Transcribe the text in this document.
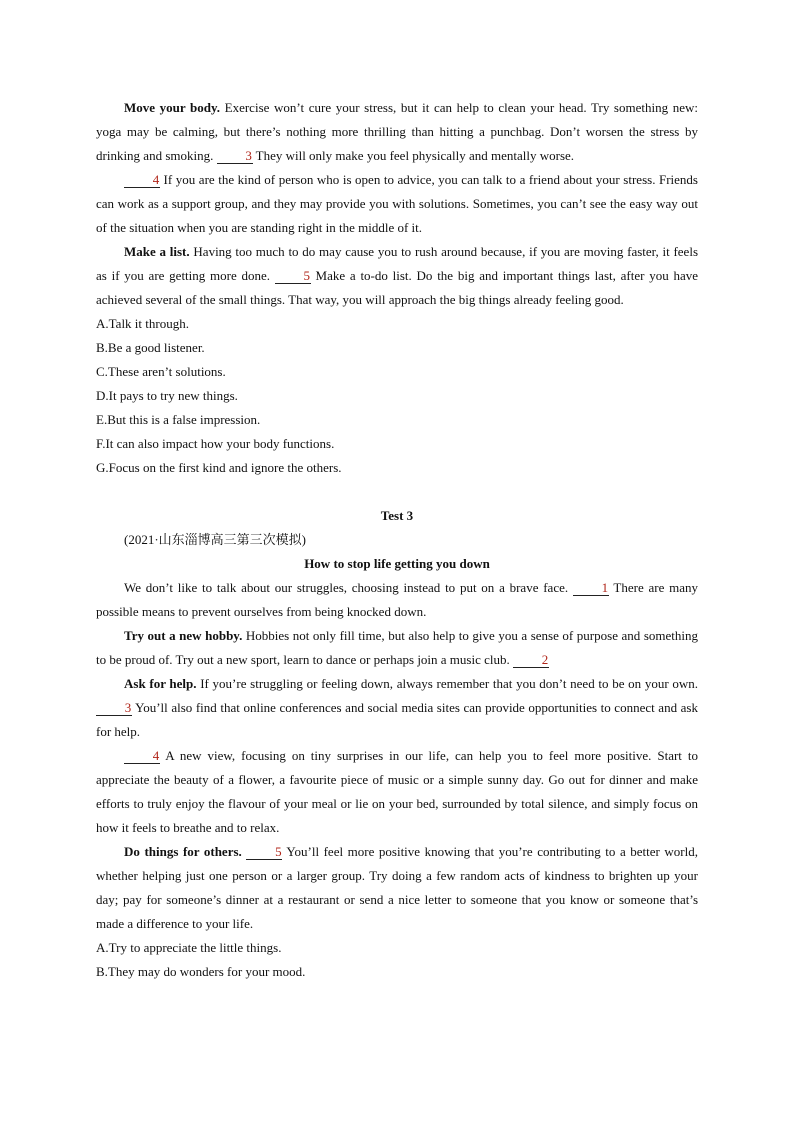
Move your body. Exercise won’t cure your stress, but it can help to clean your head. Try something new: yoga may be calming, but there’s nothing more thrilling than hitting a punchbag. Don’t worsen the stress by drinking and smoking. 3 They will only make you feel physically and mentally worse.

4 If you are the kind of person who is open to advice, you can talk to a friend about your stress. Friends can work as a support group, and they may provide you with solutions. Sometimes, you can’t see the easy way out of the situation when you are standing right in the middle of it.

Make a list. Having too much to do may cause you to rush around because, if you are moving faster, it feels as if you are getting more done. 5 Make a to-do list. Do the big and important things last, after you have achieved several of the small things. That way, you will approach the big things already feeling good.

A.Talk it through.

B.Be a good listener.

C.These aren’t solutions.

D.It pays to try new things.

E.But this is a false impression.

F.It can also impact how your body functions.

G.Focus on the first kind and ignore the others.

Test 3

(2021·山东淄博高三第三次模拟)

How to stop life getting you down

We don’t like to talk about our struggles, choosing instead to put on a brave face. 1 There are many possible means to prevent ourselves from being knocked down.

Try out a new hobby. Hobbies not only fill time, but also help to give you a sense of purpose and something to be proud of. Try out a new sport, learn to dance or perhaps join a music club. 2

Ask for help. If you’re struggling or feeling down, always remember that you don’t need to be on your own. 3 You’ll also find that online conferences and social media sites can provide opportunities to connect and ask for help.

4 A new view, focusing on tiny surprises in our life, can help you to feel more positive. Start to appreciate the beauty of a flower, a favourite piece of music or a simple sunny day. Go out for dinner and make efforts to truly enjoy the flavour of your meal or lie on your bed, surrounded by total silence, and simply focus on how it feels to breathe and to relax.

Do things for others.	5 You’ll feel more positive knowing that you’re contributing to a better world, whether helping just one person or a larger group. Try doing a few random acts of kindness to brighten up your day; pay for someone’s dinner at a restaurant or send a nice letter to someone that you know or someone that’s made a difference to your life.

A.Try to appreciate the little things.

B.They may do wonders for your mood.
